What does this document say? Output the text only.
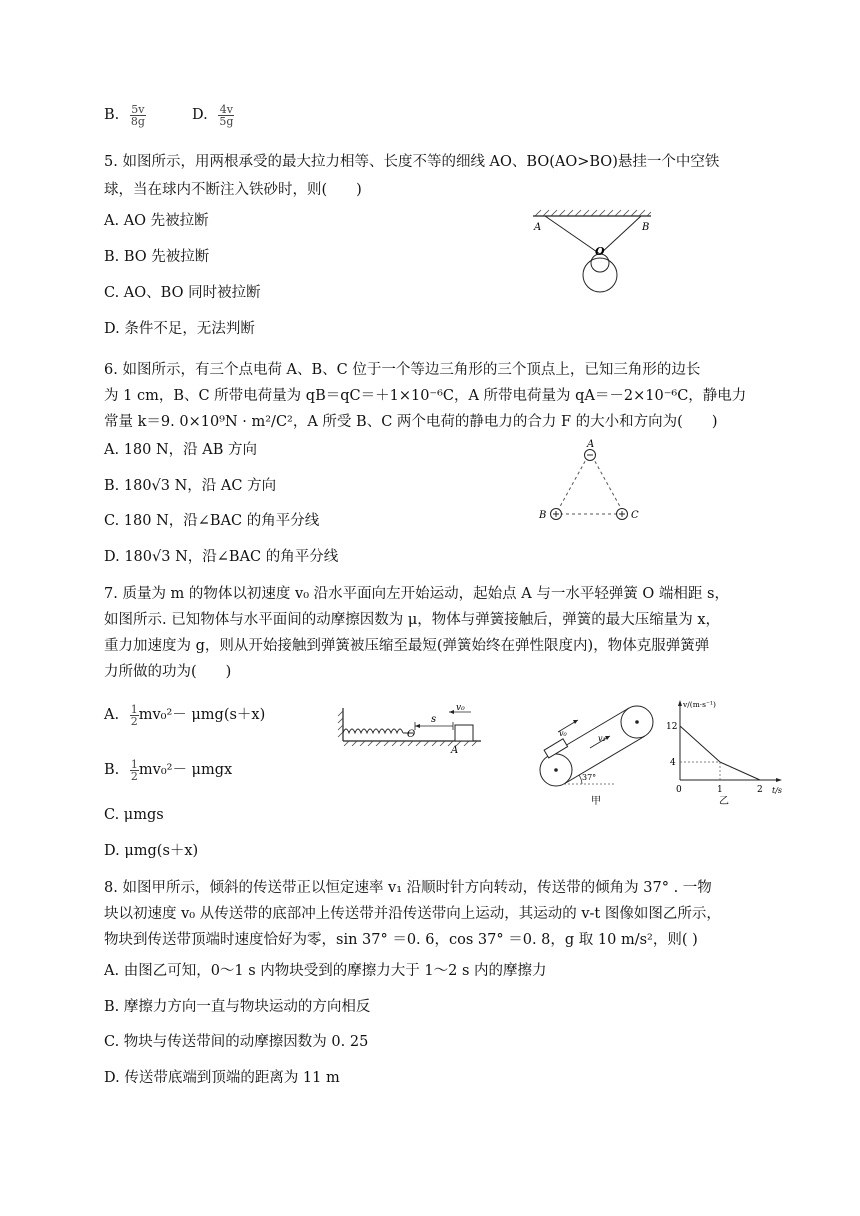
B. $\frac{5v}{8g}$	D. $\frac{4v}{5g}$
5. 如图所示，用两根承受的最大拉力相等、长度不等的细线 AO、BO(AO>BO)悬挂一个中空铁
球，当在球内不断注入铁砂时，则(　　)
A. AO 先被拉断
B. BO 先被拉断
C. AO、BO 同时被拉断
D. 条件不足，无法判断
A	B
O
6. 如图所示，有三个点电荷 A、B、C 位于一个等边三角形的三个顶点上，已知三角形的边长
为 1 cm，B、C 所带电荷量为 qB＝qC＝＋1×10⁻⁶C，A 所带电荷量为 qA＝－2×10⁻⁶C，静电力
常量 k＝9. 0×10⁹N · m²/C²，A 所受 B、C 两个电荷的静电力的合力 F 的大小和方向为(　　)
A. 180 N，沿 AB 方向
B. 180√3 N，沿 AC 方向
C. 180 N，沿∠BAC 的角平分线
D. 180√3 N，沿∠BAC 的角平分线
A
B	C
7. 质量为 m 的物体以初速度 v₀ 沿水平面向左开始运动，起始点 A 与一水平轻弹簧 O 端相距 s，
如图所示. 已知物体与水平面间的动摩擦因数为 μ，物体与弹簧接触后，弹簧的最大压缩量为 x，
重力加速度为 g，则从开始接触到弹簧被压缩至最短(弹簧始终在弹性限度内)，物体克服弹簧弹
力所做的功为(　　)
A. $\frac{1}{2} mv_0^2- \mu mg(s+x)$
B. $\frac{1}{2} mv_0^2- \mu mgx$
C. μmgs
D. μmg(s＋x)
v₀
s
O
A
v₀
v₁
37°
甲
v/(m·s⁻¹)
t/s
12
4
0	1	2
乙
8. 如图甲所示，倾斜的传送带正以恒定速率 v₁ 沿顺时针方向转动，传送带的倾角为 37° . 一物
块以初速度 v₀ 从传送带的底部冲上传送带并沿传送带向上运动，其运动的 v-t 图像如图乙所示，
物块到传送带顶端时速度恰好为零，sin 37° ＝0. 6，cos 37° ＝0. 8，g 取 10 m/s²，则( )
A. 由图乙可知，0～1 s 内物块受到的摩擦力大于 1～2 s 内的摩擦力
B. 摩擦力方向一直与物块运动的方向相反
C. 物块与传送带间的动摩擦因数为 0. 25
D. 传送带底端到顶端的距离为 11 m
